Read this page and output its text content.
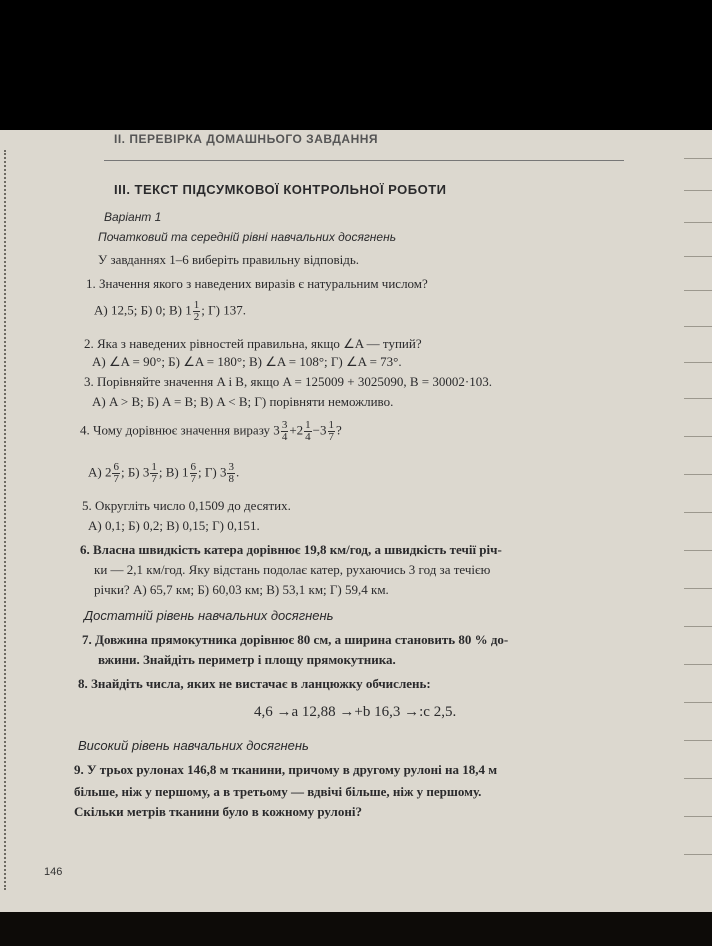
II. ПЕРЕВІРКА ДОМАШНЬОГО ЗАВДАННЯ
III. ТЕКСТ ПІДСУМКОВОЇ КОНТРОЛЬНОЇ РОБОТИ
Варіант 1
Початковий та середній рівні навчальних досягнень
У завданнях 1–6 виберіть правильну відповідь.
1. Значення якого з наведених виразів є натуральним числом?
А) 12,5; Б) 0; В) $1 \frac{1}{2}$ ; Г) 137.
2. Яка з наведених рівностей правильна, якщо ∠A — тупий?
А) ∠A = 90°; Б) ∠A = 180°; В) ∠A = 108°; Г) ∠A = 73°.
3. Порівняйте значення A і B, якщо A = 125009 + 3025090, B = 30002·103.
А) A > B; Б) A = B; В) A < B; Г) порівняти неможливо.
4. Чому дорівнює значення виразу $3 \frac{3}{4} +2 \frac{1}{4} -3 \frac{1}{7}$ ?
А) $2 \frac{6}{7}$ ; Б) $3 \frac{1}{7}$ ; В) $1 \frac{6}{7}$ ; Г) $3 \frac{3}{8}$ .
5. Округліть число 0,1509 до десятих.
А) 0,1; Б) 0,2; В) 0,15; Г) 0,151.
6. Власна швидкість катера дорівнює 19,8 км/год, а швидкість течії річ-
ки — 2,1 км/год. Яку відстань подолає катер, рухаючись 3 год за течією
річки? А) 65,7 км; Б) 60,03 км; В) 53,1 км; Г) 59,4 км.
Достатній рівень навчальних досягнень
7. Довжина прямокутника дорівнює 80 см, а ширина становить 80 % до-
вжини. Знайдіть периметр і площу прямокутника.
8. Знайдіть числа, яких не вистачає в ланцюжку обчислень:
4,6 →a 12,88 →+b 16,3 →:c 2,5.
Високий рівень навчальних досягнень
9. У трьох рулонах 146,8 м тканини, причому в другому рулоні на 18,4 м
більше, ніж у першому, а в третьому — вдвічі більше, ніж у першому.
Скільки метрів тканини було в кожному рулоні?
146
